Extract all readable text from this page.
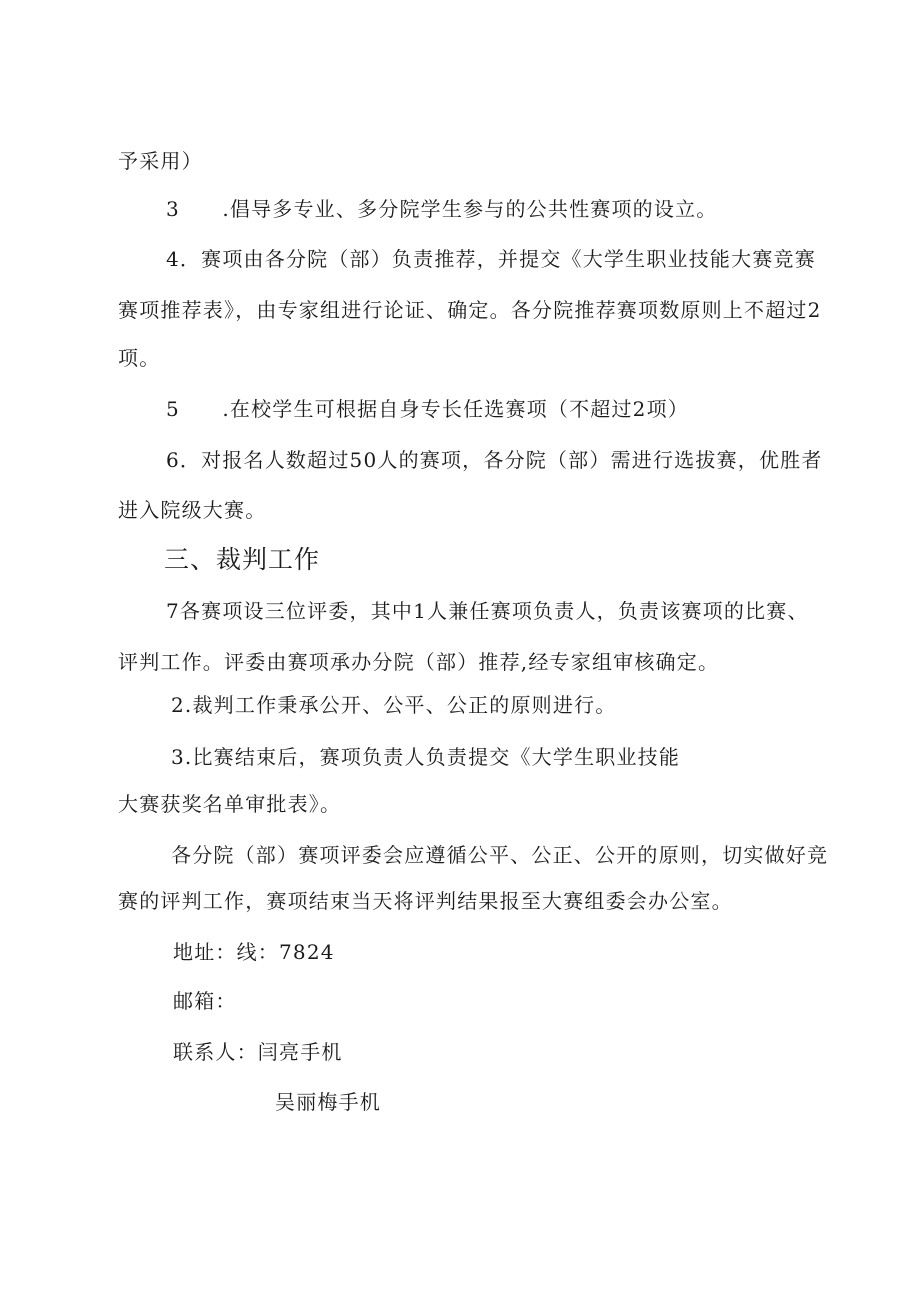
予采用）
3　　.倡导多专业、多分院学生参与的公共性赛项的设立。
4．赛项由各分院（部）负责推荐，并提交《大学生职业技能大赛竞赛
赛项推荐表》，由专家组进行论证、确定。各分院推荐赛项数原则上不超过2
项。
5　　.在校学生可根据自身专长任选赛项（不超过2项）
6．对报名人数超过50人的赛项，各分院（部）需进行选拔赛，优胜者
进入院级大赛。
三、裁判工作
7各赛项设三位评委，其中1人兼任赛项负责人，负责该赛项的比赛、
评判工作。评委由赛项承办分院（部）推荐,经专家组审核确定。
2.裁判工作秉承公开、公平、公正的原则进行。
3.比赛结束后，赛项负责人负责提交《大学生职业技能
大赛获奖名单审批表》。
各分院（部）赛项评委会应遵循公平、公正、公开的原则，切实做好竞
赛的评判工作，赛项结束当天将评判结果报至大赛组委会办公室。
地址：线：7824
邮箱：
联系人：闫亮手机
吴丽梅手机
